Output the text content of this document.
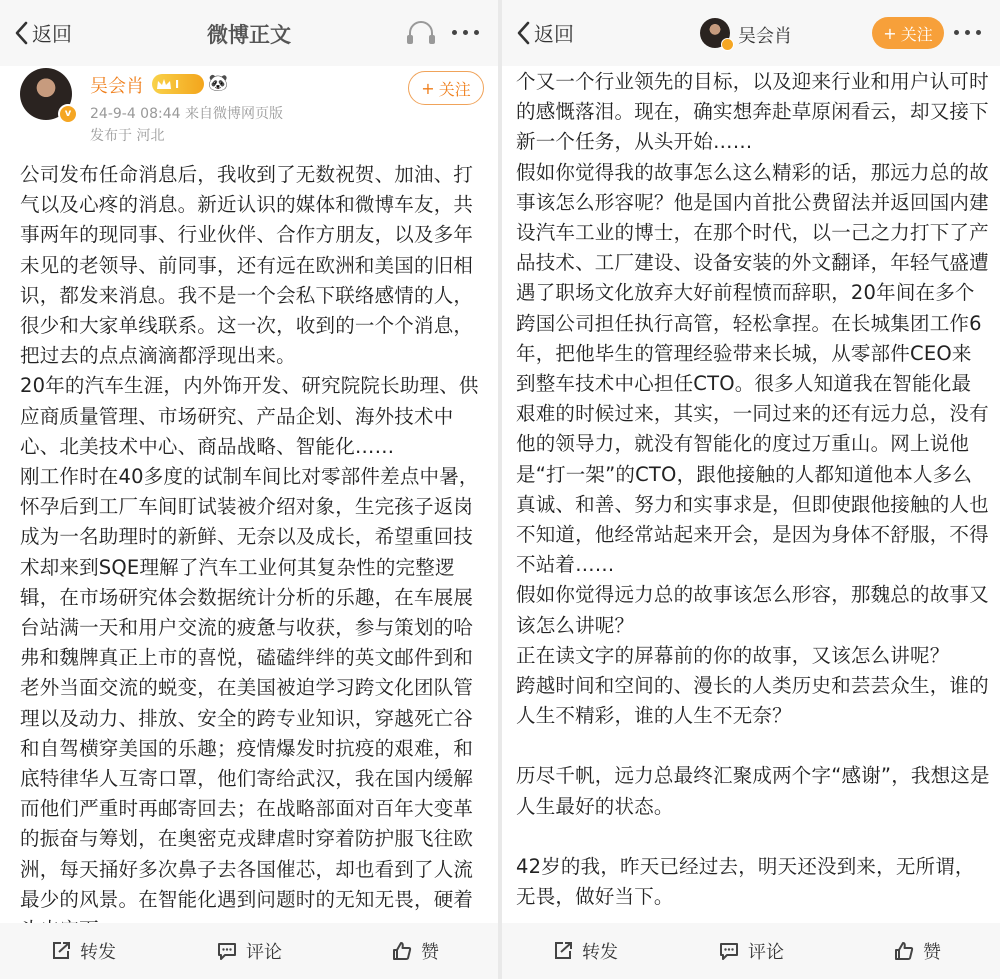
返回	微博正文
v
吴会肖	I 🐼
24-9-4 08:44 来自微博网页版
发布于 河北
+ 关注

公司发布任命消息后，我收到了无数祝贺、加油、打气以及心疼的消息。新近认识的媒体和微博车友，共事两年的现同事、行业伙伴、合作方朋友，以及多年未见的老领导、前同事，还有远在欧洲和美国的旧相识，都发来消息。我不是一个会私下联络感情的人，很少和大家单线联系。这一次，收到的一个个消息，把过去的点点滴滴都浮现出来。

20年的汽车生涯，内外饰开发、研究院院长助理、供应商质量管理、市场研究、产品企划、海外技术中心、北美技术中心、商品战略、智能化……

刚工作时在40多度的试制车间比对零部件差点中暑，怀孕后到工厂车间盯试装被介绍对象，生完孩子返岗成为一名助理时的新鲜、无奈以及成长，希望重回技术却来到SQE理解了汽车工业何其复杂性的完整逻辑，在市场研究体会数据统计分析的乐趣，在车展展台站满一天和用户交流的疲惫与收获，参与策划的哈弗和魏牌真正上市的喜悦，磕磕绊绊的英文邮件到和老外当面交流的蜕变，在美国被迫学习跨文化团队管理以及动力、排放、安全的跨专业知识，穿越死亡谷和自驾横穿美国的乐趣；疫情爆发时抗疫的艰难，和底特律华人互寄口罩，他们寄给武汉，我在国内缓解而他们严重时再邮寄回去；在战略部面对百年大变革的振奋与筹划，在奥密克戎肆虐时穿着防护服飞往欧洲，每天捅好多次鼻子去各国催芯，却也看到了人流最少的风景。在智能化遇到问题时的无知无畏，硬着

转发	评论	赞
返回	吴会肖	+ 关注

个又一个行业领先的目标，以及迎来行业和用户认可时的感慨落泪。现在，确实想奔赴草原闲看云，却又接下新一个任务，从头开始……

假如你觉得我的故事怎么这么精彩的话，那远力总的故事该怎么形容呢？他是国内首批公费留法并返回国内建设汽车工业的博士，在那个时代，以一己之力打下了产品技术、工厂建设、设备安装的外文翻译，年轻气盛遭遇了职场文化放弃大好前程愤而辞职，20年间在多个跨国公司担任执行高管，轻松拿捏。在长城集团工作6年，把他毕生的管理经验带来长城，从零部件CEO来到整车技术中心担任CTO。很多人知道我在智能化最艰难的时候过来，其实，一同过来的还有远力总，没有他的领导力，就没有智能化的度过万重山。网上说他是“打一架”的CTO，跟他接触的人都知道他本人多么真诚、和善、努力和实事求是，但即使跟他接触的人也不知道，他经常站起来开会，是因为身体不舒服，不得不站着……

假如你觉得远力总的故事该怎么形容，那魏总的故事又该怎么讲呢？

正在读文字的屏幕前的你的故事，又该怎么讲呢？

跨越时间和空间的、漫长的人类历史和芸芸众生，谁的人生不精彩，谁的人生不无奈？

历尽千帆，远力总最终汇聚成两个字“感谢”，我想这是人生最好的状态。

42岁的我，昨天已经过去，明天还没到来，无所谓，无畏，做好当下。

转发	评论	赞
